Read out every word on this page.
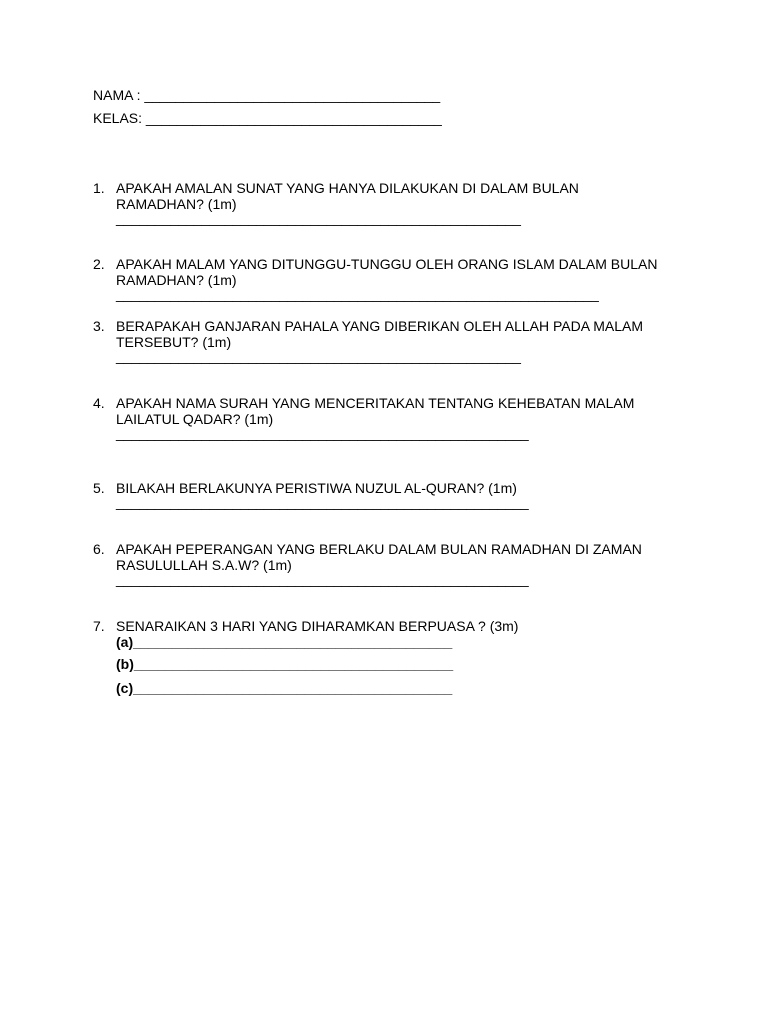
NAMA : ______________________________________
KELAS: ______________________________________
1. APAKAH AMALAN SUNAT YANG HANYA DILAKUKAN DI DALAM BULAN
RAMADHAN? (1m)
____________________________________________________
2. APAKAH MALAM YANG DITUNGGU-TUNGGU OLEH ORANG ISLAM DALAM BULAN
RAMADHAN? (1m)
______________________________________________________________
3. BERAPAKAH GANJARAN PAHALA YANG DIBERIKAN OLEH ALLAH PADA MALAM
TERSEBUT? (1m)
____________________________________________________
4. APAKAH NAMA SURAH YANG MENCERITAKAN TENTANG KEHEBATAN MALAM
LAILATUL QADAR? (1m)
_____________________________________________________
5. BILAKAH BERLAKUNYA PERISTIWA NUZUL AL-QURAN? (1m)
_____________________________________________________
6. APAKAH PEPERANGAN YANG BERLAKU DALAM BULAN RAMADHAN DI ZAMAN
RASULULLAH S.A.W? (1m)
_____________________________________________________
7. SENARAIKAN 3 HARI YANG DIHARAMKAN BERPUASA ? (3m)
(a)_________________________________________
(b)_________________________________________
(c)_________________________________________
